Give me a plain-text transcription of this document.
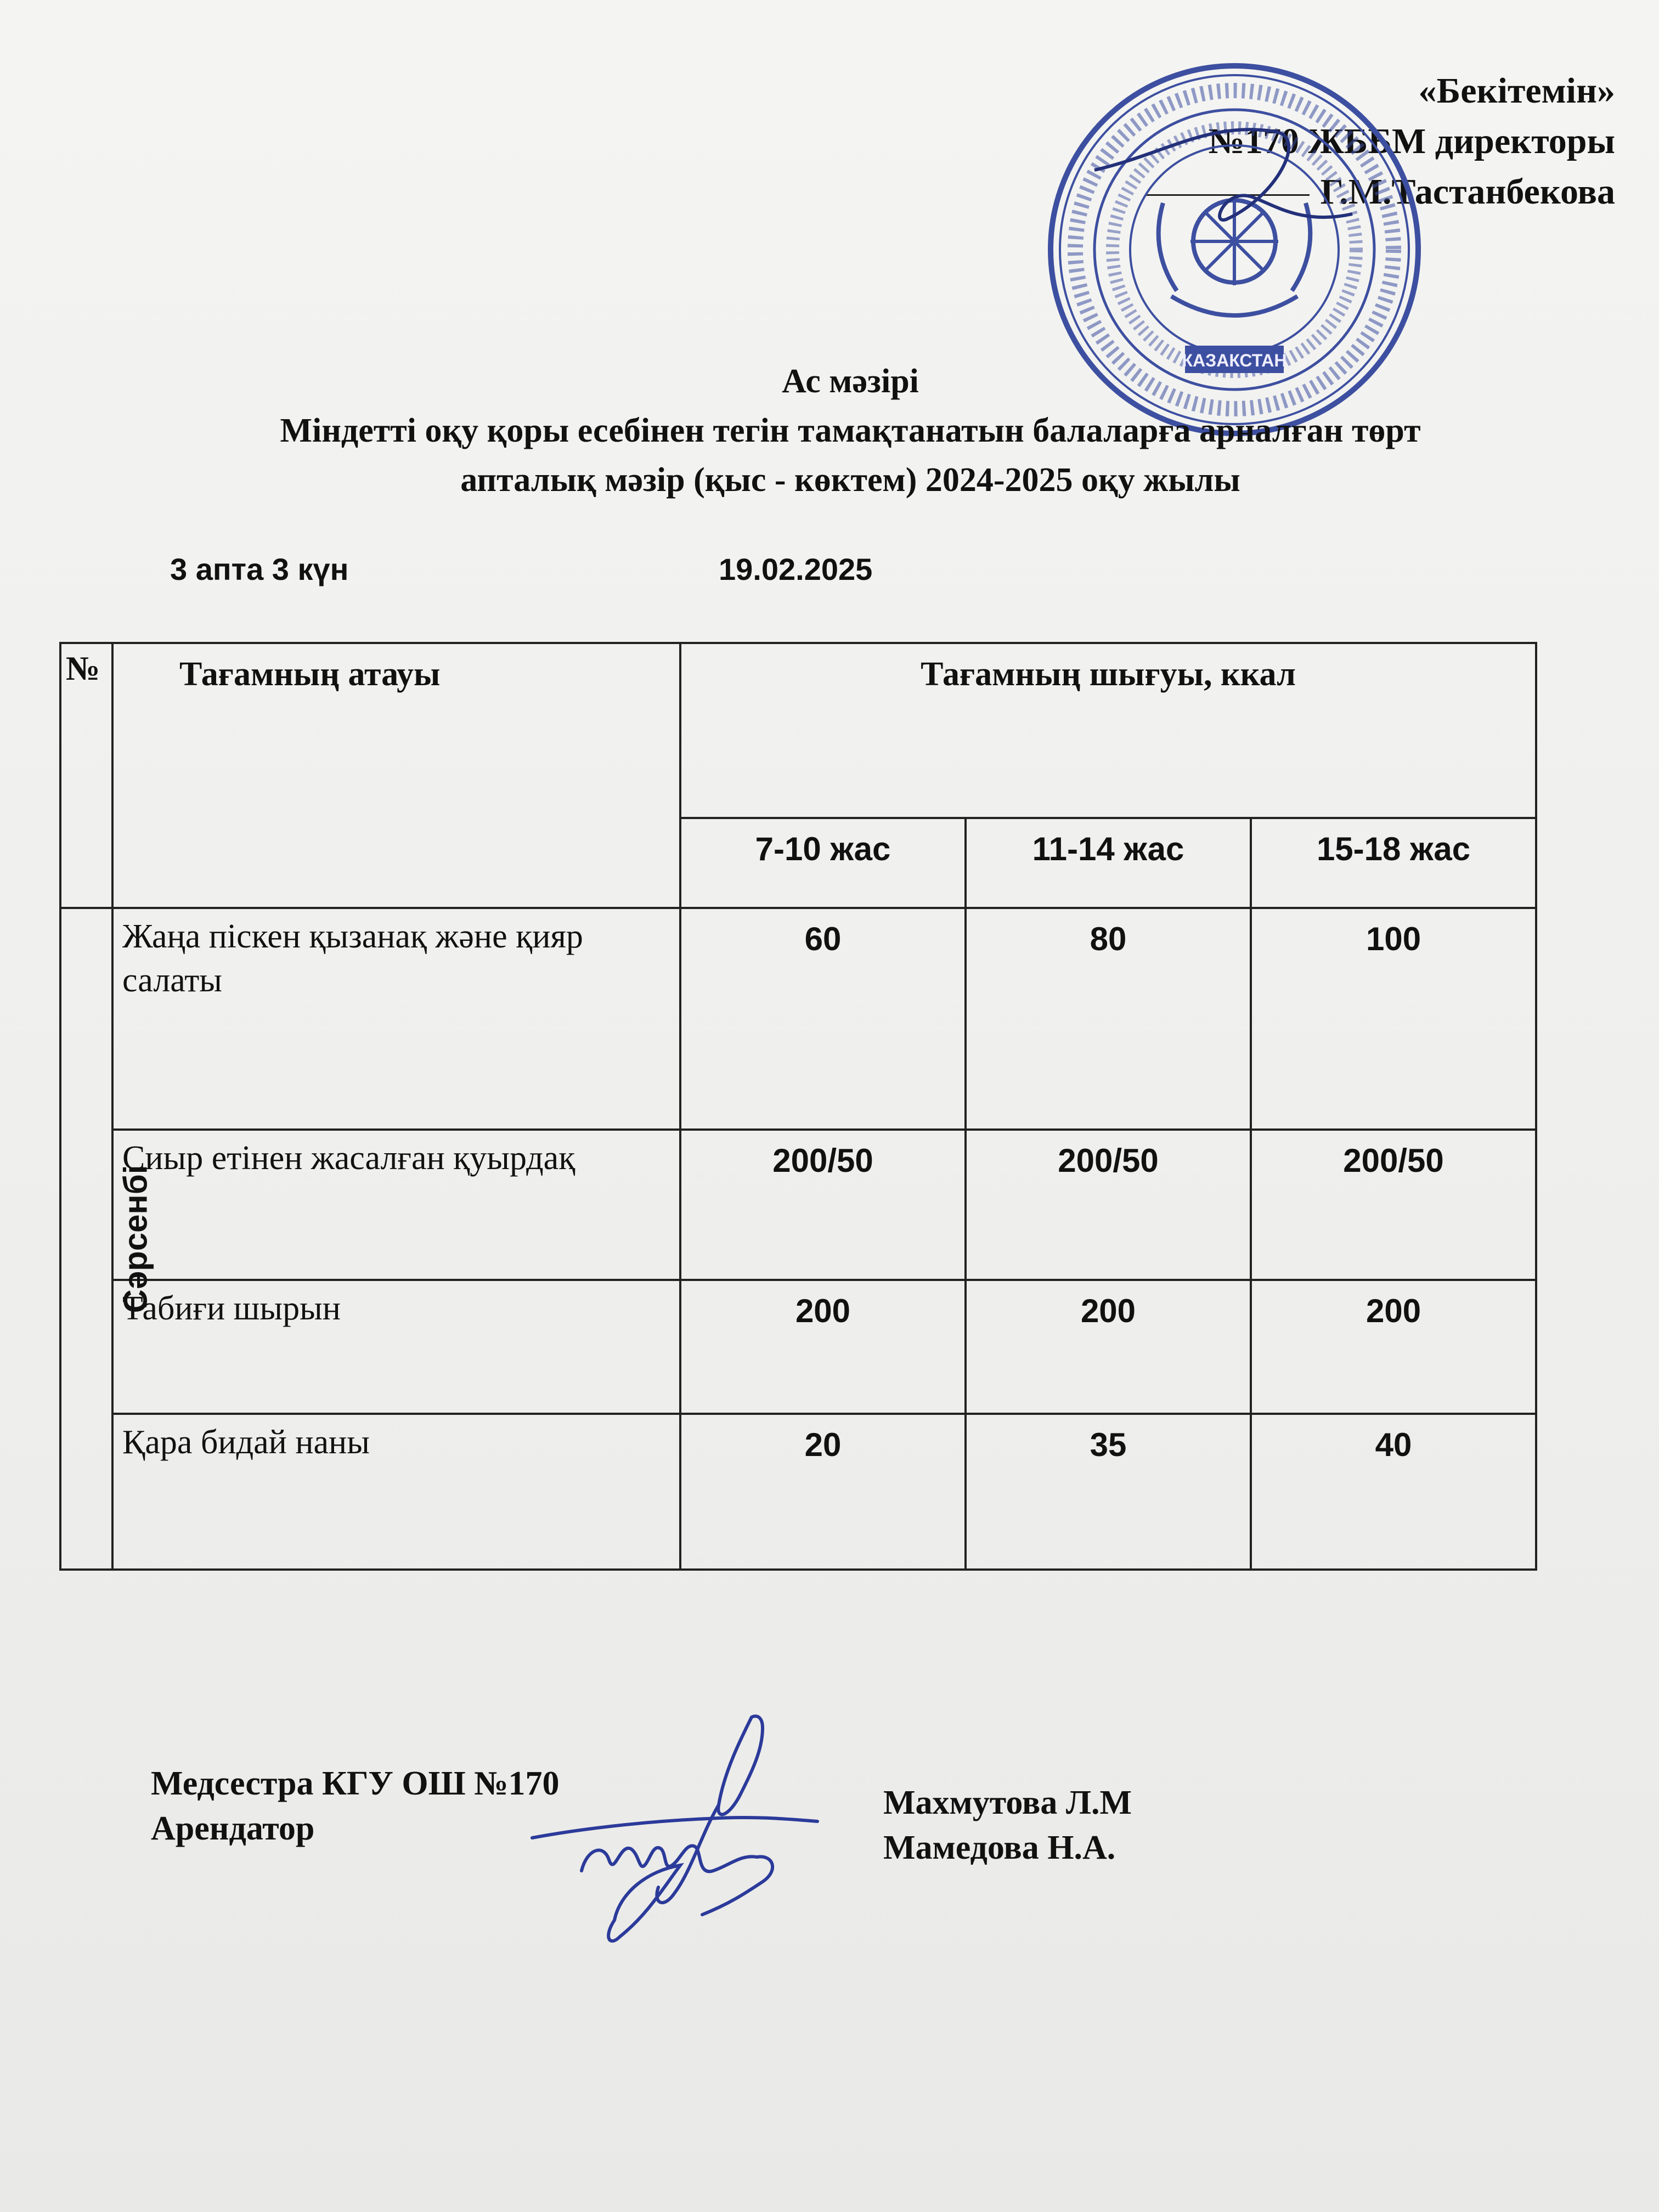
«Бекітемін»
№170 ЖББМ директоры
Г.М.Тастанбекова
КАЗАКСТАН
Ас мәзірі
Міндетті оқу қоры есебінен тегін тамақтанатын балаларға арналған төрт
апталық мәзір (қыс - көктем) 2024-2025 оқу жылы
3 апта 3 күн	19.02.2025
№	Тағамның атауы	Тағамның шығуы, ккал		
		7-10 жас	11-14 жас	15-18 жас
Сәрсенбі	Жаңа піскен қызанақ және қияр салаты	60	80	100
	Сиыр етінен жасалған қуырдақ	200/50	200/50	200/50
	Табиғи шырын	200	200	200
	Қара бидай наны	20	35	40
Медсестра КГУ ОШ №170
Арендатор
Махмутова Л.М
Мамедова Н.А.
